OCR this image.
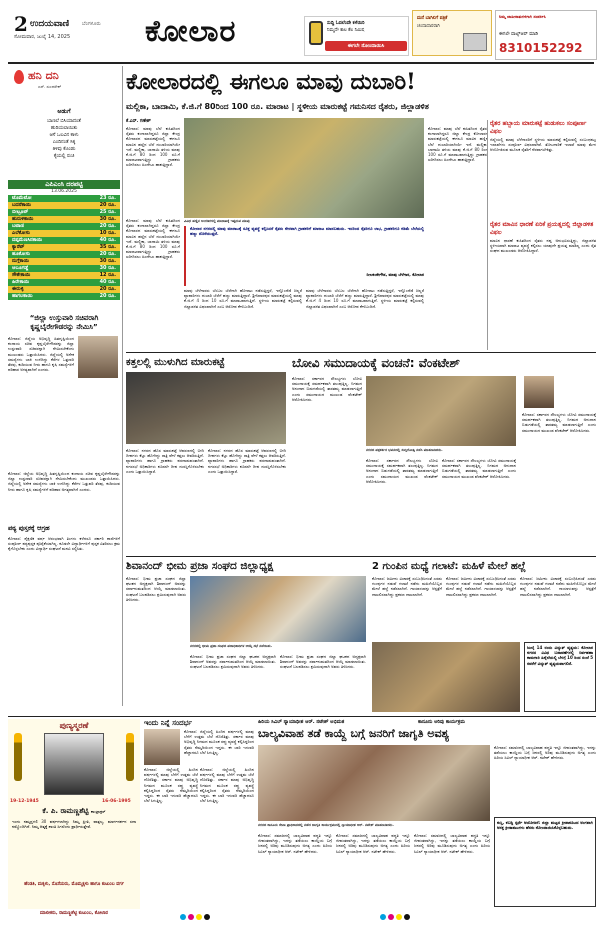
2 ಉದಯವಾಣಿ	ಬೆಂಗಳೂರು
ಸೋಮವಾರ, ಜುಲೈ 14, 2025 ಕೋಲಾರ	ಸುದ್ದಿ ಓದಲೆಂದೇ ಕಳೆಯಿರಿ
ನಿಮ್ಮದೇ ಕಾಲ ಕೆಲ ನಿಮಿಷ
ಈಗಲೇ ನೋಂದಾಯಿಸಿ
ಮನೆ ಬಾಗಿಲಿಗೆ ಪತ್ರಿಕೆ
ಚಂದಾದಾರರಾಗಿ
ನಿಮ್ಮ ಜಾಹೀರಾತುಗಳಿಗಾಗಿ ಸಂಪರ್ಕಿಸಿ
ಈಗಲೇ ವಾಟ್ಸ್‌ಆಪ್ ಮಾಡಿ
8310152292
ಹನಿ ದನಿ
ಎಸ್. ಸುಂದರೇಶ್
ಅಡುಗೆ
ಬಾಣಲೆ ಬಿಸಿಯಾದಂತೆ
ಹುರಿಯಲಾಯಿತು
ಆಸೆ ಒಲವಿನ ಕಾಳು
ಎಂದಿನಂತೆ ಸಿಕ್ಕ
ತಿಳಿವು ಕೊಂಡು
ಕೈಯಲ್ಲಿ ರುಚಿ
ಎಪಿಎಂಸಿ ದರಪಟ್ಟಿ
13.06.2025
ಟೊಮೆಟೋ	23 ರೂ.
ಬದನೆಕಾಯಿ	20 ರೂ.
ಬೀಟ್ರೂಟ್	25 ರೂ.
ಹುರುಳಿಕಾಯಿ	30 ರೂ.
ಬಟಾಣಿ	20 ರೂ.
ಎಲೆಕೋಸು	10 ರೂ.
ದಪ್ಪಮೆಣಸಿನಕಾಯಿ	40 ರೂ.
ಕ್ಯಾರೆಟ್	35 ರೂ.
ಹೂಕೋಸು	20 ರೂ.
ನುಗ್ಗೆಕಾಯಿ	30 ರೂ.
ಆಲೂಗಡ್ಡೆ	30 ರೂ.
ಸೌತೇಕಾಯಿ	12 ರೂ.
ಹಿರೇಕಾಯಿ	40 ರೂ.
ಈರುಳ್ಳಿ	20 ರೂ.
ಹಾಗಲಕಾಯಿ	20 ರೂ.
“ಜಿಲ್ಲಾ ಉಸ್ತುವಾರಿ ಸಚಿವರಾಗಿ ಕೃಷ್ಣಬೈರೇಗೌಡರನ್ನು ನೇಮಿಸಿ”
ಕೋಲಾರ: ಜಿಲ್ಲೆಯ ಅಭಿವೃದ್ಧಿ ಹಿತದೃಷ್ಟಿಯಿಂದ ಕಂದಾಯ ಸಚಿವ ಕೃಷ್ಣಬೈರೇಗೌಡರನ್ನು ಜಿಲ್ಲಾ ಉಸ್ತುವಾರಿ ಸಚಿವರನ್ನಾಗಿ ನೇಮಿಸಬೇಕೆಂದು ಮುಖಂಡರು ಒತ್ತಾಯಿಸಿದರು. ಜಿಲ್ಲೆಯಲ್ಲಿ ಅನೇಕ ಸಮಸ್ಯೆಗಳು ಬಾಕಿ ಉಳಿದಿದ್ದು ಕೆರೆಗಳ ಒತ್ತುವರಿ ತೆರವು, ಕುಡಿಯುವ ನೀರು ಹಾಗೂ ಕೃಷಿ ಸಮಸ್ಯೆಗಳಿಗೆ ಪರಿಹಾರ ಅಗತ್ಯವಾಗಿದೆ ಎಂದರು.
ಕೋಲಾರ: ಜಿಲ್ಲೆಯ ಅಭಿವೃದ್ಧಿ ಹಿತದೃಷ್ಟಿಯಿಂದ ಕಂದಾಯ ಸಚಿವ ಕೃಷ್ಣಬೈರೇಗೌಡರನ್ನು ಜಿಲ್ಲಾ ಉಸ್ತುವಾರಿ ಸಚಿವರನ್ನಾಗಿ ನೇಮಿಸಬೇಕೆಂದು ಮುಖಂಡರು ಒತ್ತಾಯಿಸಿದರು. ಜಿಲ್ಲೆಯಲ್ಲಿ ಅನೇಕ ಸಮಸ್ಯೆಗಳು ಬಾಕಿ ಉಳಿದಿದ್ದು ಕೆರೆಗಳ ಒತ್ತುವರಿ ತೆರವು, ಕುಡಿಯುವ ನೀರು ಹಾಗೂ ಕೃಷಿ ಸಮಸ್ಯೆಗಳಿಗೆ ಪರಿಹಾರ ಅಗತ್ಯವಾಗಿದೆ ಎಂದರು.
ಪಠ್ಯ ಪುಸ್ತಕಕ್ಕೆ ಆಗ್ರಹ
ಕೋಲಾರ: ಶೈಕ್ಷಣಿಕ ವರ್ಷ ಆರಂಭವಾಗಿ ತಿಂಗಳು ಕಳೆದರೂ ಸರ್ಕಾರಿ ಶಾಲೆಗಳಿಗೆ ಸಂಪೂರ್ಣ ಪಠ್ಯಪುಸ್ತಕ ಪೂರೈಕೆಯಾಗಿಲ್ಲ. ಕೂಡಲೇ ವಿದ್ಯಾರ್ಥಿಗಳಿಗೆ ಪುಸ್ತಕ ವಿತರಿಸಲು ಕ್ರಮ ಕೈಗೊಳ್ಳಬೇಕು ಎಂದು ವಿದ್ಯಾರ್ಥಿ ಸಂಘಟನೆ ಮನವಿ ಸಲ್ಲಿಸಿತು.
ಕೋಲಾರದಲ್ಲಿ ಈಗಲೂ ಮಾವು ದುಬಾರಿ!
ಮಲ್ಲಿಕಾ, ಬಾದಾಮಿ, ಕೆ.ಜಿ.ಗೆ 80ರಿಂದ 100 ರೂ. ಮಾರಾಟ | ಸ್ಥಳೀಯ ಮಾರುಕಟ್ಟೆ ಗಮನಿಸದ ರೈತರು, ಜಿಲ್ಲಾಡಳಿತ
ಕೆ.ಎಸ್. ಗಣೇಶ್
ಕೋಲಾರ: ಮಾವು ಬೆಲೆ ಕುಸಿತದಿಂದ ರೈತರು ಕಂಗಾಲಾಗಿದ್ದರೂ ಜಿಲ್ಲಾ ಕೇಂದ್ರ ಕೋಲಾರದ ಮಾರುಕಟ್ಟೆಯಲ್ಲಿ ಈಗಲೂ ಮಾವಿನ ಹಣ್ಣಿನ ಬೆಲೆ ದುಬಾರಿಯಾಗಿಯೇ ಇದೆ. ಮಲ್ಲಿಕಾ, ಬಾದಾಮಿ ತಳಿಯ ಮಾವು ಕೆ.ಜಿ.ಗೆ 80 ರಿಂದ 100 ರೂ.ಗೆ ಮಾರಾಟವಾಗುತ್ತಿದ್ದು ಗ್ರಾಹಕರು ಖರೀದಿಸಲು ಹಿಂದೇಟು ಹಾಕುತ್ತಿದ್ದಾರೆ.
ವಿವಿಧ ಹಣ್ಣಿನ ಅಂಗಡಿಗಳಲ್ಲಿ ಮಾರಾಟಕ್ಕೆ ಇಟ್ಟಿರುವ ಮಾವು
ಕೋಲಾರ ನಗರದಲ್ಲಿ ಮಾವು ಮಾರಾಟಕ್ಕೆ ಸೂಕ್ತ ವ್ಯವಸ್ಥೆ ಕಲ್ಪಿಸಿದರೆ ರೈತರು ನೇರವಾಗಿ ಗ್ರಾಹಕರಿಗೆ ಮಾರಾಟ ಮಾಡಬಹುದು. ಇದರಿಂದ ರೈತರಿಗೂ ಲಾಭ, ಗ್ರಾಹಕರಿಗೂ ಕಡಿಮೆ ಬೆಲೆಯಲ್ಲಿ ಹಣ್ಣು ದೊರೆಯುತ್ತದೆ.
ನೀಲಕಂಠೇಗೌಡ, ಮಾವು ಬೆಳೆಗಾರ, ಕೋಲಾರ
ಕೋಲಾರ: ಮಾವು ಬೆಲೆ ಕುಸಿತದಿಂದ ರೈತರು ಕಂಗಾಲಾಗಿದ್ದರೂ ಜಿಲ್ಲಾ ಕೇಂದ್ರ ಕೋಲಾರದ ಮಾರುಕಟ್ಟೆಯಲ್ಲಿ ಈಗಲೂ ಮಾವಿನ ಹಣ್ಣಿನ ಬೆಲೆ ದುಬಾರಿಯಾಗಿಯೇ ಇದೆ. ಮಲ್ಲಿಕಾ, ಬಾದಾಮಿ ತಳಿಯ ಮಾವು ಕೆ.ಜಿ.ಗೆ 80 ರಿಂದ 100 ರೂ.ಗೆ ಮಾರಾಟವಾಗುತ್ತಿದ್ದು ಗ್ರಾಹಕರು ಖರೀದಿಸಲು ಹಿಂದೇಟು ಹಾಕುತ್ತಿದ್ದಾರೆ.
ಮಾವು ಬೆಳೆಗಾರರು ಬೆಂಬಲ ಬೆಲೆಗಾಗಿ ಹೋರಾಟ ನಡೆಸುತ್ತಿದ್ದರೆ, ಇನ್ನೊಂದೆಡೆ ಚಿಲ್ಲರೆ ವ್ಯಾಪಾರಿಗಳು ದುಬಾರಿ ಬೆಲೆಗೆ ಹಣ್ಣು ಮಾರುತ್ತಿದ್ದಾರೆ. ಶ್ರೀನಿವಾಸಪುರ ಮಾರುಕಟ್ಟೆಯಲ್ಲಿ ಮಾವು ಕೆ.ಜಿ.ಗೆ 4 ರಿಂದ 10 ರೂ.ಗೆ ಮಾರಾಟವಾಗುತ್ತಿದೆ. ಸ್ಥಳೀಯ ಮಾರುಕಟ್ಟೆ ಕಲ್ಪಿಸುವಲ್ಲಿ ಜಿಲ್ಲಾಡಳಿತ ವಿಫಲವಾಗಿದೆ ಎಂಬ ಆರೋಪ ಕೇಳಿಬಂದಿದೆ.
ಮಾವು ಬೆಳೆಗಾರರು ಬೆಂಬಲ ಬೆಲೆಗಾಗಿ ಹೋರಾಟ ನಡೆಸುತ್ತಿದ್ದರೆ, ಇನ್ನೊಂದೆಡೆ ಚಿಲ್ಲರೆ ವ್ಯಾಪಾರಿಗಳು ದುಬಾರಿ ಬೆಲೆಗೆ ಹಣ್ಣು ಮಾರುತ್ತಿದ್ದಾರೆ. ಶ್ರೀನಿವಾಸಪುರ ಮಾರುಕಟ್ಟೆಯಲ್ಲಿ ಮಾವು ಕೆ.ಜಿ.ಗೆ 4 ರಿಂದ 10 ರೂ.ಗೆ ಮಾರಾಟವಾಗುತ್ತಿದೆ. ಸ್ಥಳೀಯ ಮಾರುಕಟ್ಟೆ ಕಲ್ಪಿಸುವಲ್ಲಿ ಜಿಲ್ಲಾಡಳಿತ ವಿಫಲವಾಗಿದೆ ಎಂಬ ಆರೋಪ ಕೇಳಿಬಂದಿದೆ.
ಕೋಲಾರ: ಮಾವು ಬೆಲೆ ಕುಸಿತದಿಂದ ರೈತರು ಕಂಗಾಲಾಗಿದ್ದರೂ ಜಿಲ್ಲಾ ಕೇಂದ್ರ ಕೋಲಾರದ ಮಾರುಕಟ್ಟೆಯಲ್ಲಿ ಈಗಲೂ ಮಾವಿನ ಹಣ್ಣಿನ ಬೆಲೆ ದುಬಾರಿಯಾಗಿಯೇ ಇದೆ. ಮಲ್ಲಿಕಾ, ಬಾದಾಮಿ ತಳಿಯ ಮಾವು ಕೆ.ಜಿ.ಗೆ 80 ರಿಂದ 100 ರೂ.ಗೆ ಮಾರಾಟವಾಗುತ್ತಿದ್ದು ಗ್ರಾಹಕರು ಖರೀದಿಸಲು ಹಿಂದೇಟು ಹಾಕುತ್ತಿದ್ದಾರೆ.
ರೈತರ ಹಬ್ಬಾಯ ಮಾರುಕಟ್ಟೆ ಹುಡುಕಲು ಸಂಪೂರ್ಣ ವಿಫಲ
ಜಿಲ್ಲೆಯಲ್ಲಿ ಮಾವು ಬೆಳೆಗಾರರಿಗೆ ಸ್ಥಳೀಯ ಮಾರುಕಟ್ಟೆ ಕಲ್ಪಿಸುವಲ್ಲಿ ಸಂಬಂಧಪಟ್ಟ ಇಲಾಖೆಗಳು ಸಂಪೂರ್ಣ ವಿಫಲವಾಗಿವೆ. ತೋಟಗಾರಿಕೆ ಇಲಾಖೆ ಮಾವು ಮೇಳ ಆಯೋಜಿಸುವ ಮೂಲಕ ರೈತರಿಗೆ ನೆರವಾಗಬೇಕಿತ್ತು.
ರೈತರ ಮಾವಿನ ಧಾರಣೆ ಏರಿಕೆ ಪ್ರಯತ್ನದಲ್ಲಿ ಜಿಲ್ಲಾಡಳಿತ ವಿಫಲ
ಮಾವಿನ ಧಾರಣೆ ಕುಸಿತದಿಂದ ರೈತರು ನಷ್ಟ ಅನುಭವಿಸುತ್ತಿದ್ದು, ಜಿಲ್ಲಾಡಳಿತ ಸ್ಥಳೀಯವಾಗಿ ಮಾರಾಟ ವ್ಯವಸ್ಥೆ ಕಲ್ಪಿಸಲು ಯಾವುದೇ ಪ್ರಯತ್ನ ಮಾಡಿಲ್ಲ ಎಂದು ರೈತ ಸಂಘದ ಮುಖಂಡರು ಆರೋಪಿಸಿದ್ದಾರೆ.
ಕತ್ತಲಲ್ಲಿ ಮುಳುಗಿದ ಮಾರುಕಟ್ಟೆ
ಕೋಲಾರ: ನಗರದ ಹೊಸ ಮಾರುಕಟ್ಟೆ ಆವರಣದಲ್ಲಿ ಬೀದಿ ದೀಪಗಳು ಕೆಟ್ಟು ಹೋಗಿದ್ದು ರಾತ್ರಿ ವೇಳೆ ಕತ್ತಲು ಆವರಿಸುತ್ತಿದೆ. ವ್ಯಾಪಾರಿಗಳು ಹಾಗೂ ಗ್ರಾಹಕರು ಪರದಾಡುವಂತಾಗಿದೆ. ನಗರಸಭೆ ಅಧಿಕಾರಿಗಳು ಕೂಡಲೇ ದೀಪ ದುರಸ್ತಿಗೊಳಿಸಬೇಕು ಎಂದು ಒತ್ತಾಯಿಸಿದ್ದಾರೆ.
ಕೋಲಾರ: ನಗರದ ಹೊಸ ಮಾರುಕಟ್ಟೆ ಆವರಣದಲ್ಲಿ ಬೀದಿ ದೀಪಗಳು ಕೆಟ್ಟು ಹೋಗಿದ್ದು ರಾತ್ರಿ ವೇಳೆ ಕತ್ತಲು ಆವರಿಸುತ್ತಿದೆ. ವ್ಯಾಪಾರಿಗಳು ಹಾಗೂ ಗ್ರಾಹಕರು ಪರದಾಡುವಂತಾಗಿದೆ. ನಗರಸಭೆ ಅಧಿಕಾರಿಗಳು ಕೂಡಲೇ ದೀಪ ದುರಸ್ತಿಗೊಳಿಸಬೇಕು ಎಂದು ಒತ್ತಾಯಿಸಿದ್ದಾರೆ.
ಬೋವಿ ಸಮುದಾಯಕ್ಕೆ ವಂಚನೆ: ವೆಂಕಟೇಶ್
ಕೋಲಾರ: ಸರ್ಕಾರದ ಸೌಲಭ್ಯಗಳು ಬೋವಿ ಸಮುದಾಯಕ್ಕೆ ಸಮರ್ಪಕವಾಗಿ ತಲುಪುತ್ತಿಲ್ಲ. ನಿಗಮದ ಅನುದಾನ ಬಿಡುಗಡೆಯಲ್ಲಿ ತಾರತಮ್ಯ ಮಾಡಲಾಗುತ್ತಿದೆ ಎಂದು ಸಮುದಾಯದ ಮುಖಂಡ ವೆಂಕಟೇಶ್ ಆರೋಪಿಸಿದರು.
ನಗರದ ಪತ್ರಕರ್ತರ ಭವನದಲ್ಲಿ ಸುದ್ದಿಗೋಷ್ಠಿ ನಡೆಸಿ ಮಾತನಾಡಿದರು.
ಕೋಲಾರ: ಸರ್ಕಾರದ ಸೌಲಭ್ಯಗಳು ಬೋವಿ ಸಮುದಾಯಕ್ಕೆ ಸಮರ್ಪಕವಾಗಿ ತಲುಪುತ್ತಿಲ್ಲ. ನಿಗಮದ ಅನುದಾನ ಬಿಡುಗಡೆಯಲ್ಲಿ ತಾರತಮ್ಯ ಮಾಡಲಾಗುತ್ತಿದೆ ಎಂದು ಸಮುದಾಯದ ಮುಖಂಡ ವೆಂಕಟೇಶ್ ಆರೋಪಿಸಿದರು.
ಕೋಲಾರ: ಸರ್ಕಾರದ ಸೌಲಭ್ಯಗಳು ಬೋವಿ ಸಮುದಾಯಕ್ಕೆ ಸಮರ್ಪಕವಾಗಿ ತಲುಪುತ್ತಿಲ್ಲ. ನಿಗಮದ ಅನುದಾನ ಬಿಡುಗಡೆಯಲ್ಲಿ ತಾರತಮ್ಯ ಮಾಡಲಾಗುತ್ತಿದೆ ಎಂದು ಸಮುದಾಯದ ಮುಖಂಡ ವೆಂಕಟೇಶ್ ಆರೋಪಿಸಿದರು.
ಕೋಲಾರ: ಸರ್ಕಾರದ ಸೌಲಭ್ಯಗಳು ಬೋವಿ ಸಮುದಾಯಕ್ಕೆ ಸಮರ್ಪಕವಾಗಿ ತಲುಪುತ್ತಿಲ್ಲ. ನಿಗಮದ ಅನುದಾನ ಬಿಡುಗಡೆಯಲ್ಲಿ ತಾರತಮ್ಯ ಮಾಡಲಾಗುತ್ತಿದೆ ಎಂದು ಸಮುದಾಯದ ಮುಖಂಡ ವೆಂಕಟೇಶ್ ಆರೋಪಿಸಿದರು.
ಶಿವಾನಂದ್ ಭೀಮ ಪ್ರಜಾ ಸಂಘದ ಜಿಲ್ಲಾಧ್ಯಕ್ಷ
ಕೋಲಾರ: ಭೀಮ ಪ್ರಜಾ ಸಂಘದ ಜಿಲ್ಲಾ ಘಟಕದ ಅಧ್ಯಕ್ಷರಾಗಿ ಶಿವಾನಂದ್ ಅವರನ್ನು ಸರ್ವಾನುಮತದಿಂದ ಆಯ್ಕೆ ಮಾಡಲಾಯಿತು. ಸಂಘಟನೆ ಬಲಪಡಿಸಲು ಶ್ರಮಿಸುವುದಾಗಿ ಅವರು ತಿಳಿಸಿದರು.
ನಗರದಲ್ಲಿ ಭೀಮ ಪ್ರಜಾ ಸಂಘದ ಪದಾಧಿಕಾರಿಗಳ ಆಯ್ಕೆ ಸಭೆ ನಡೆಯಿತು.
ಕೋಲಾರ: ಭೀಮ ಪ್ರಜಾ ಸಂಘದ ಜಿಲ್ಲಾ ಘಟಕದ ಅಧ್ಯಕ್ಷರಾಗಿ ಶಿವಾನಂದ್ ಅವರನ್ನು ಸರ್ವಾನುಮತದಿಂದ ಆಯ್ಕೆ ಮಾಡಲಾಯಿತು. ಸಂಘಟನೆ ಬಲಪಡಿಸಲು ಶ್ರಮಿಸುವುದಾಗಿ ಅವರು ತಿಳಿಸಿದರು.
ಕೋಲಾರ: ಭೀಮ ಪ್ರಜಾ ಸಂಘದ ಜಿಲ್ಲಾ ಘಟಕದ ಅಧ್ಯಕ್ಷರಾಗಿ ಶಿವಾನಂದ್ ಅವರನ್ನು ಸರ್ವಾನುಮತದಿಂದ ಆಯ್ಕೆ ಮಾಡಲಾಯಿತು. ಸಂಘಟನೆ ಬಲಪಡಿಸಲು ಶ್ರಮಿಸುವುದಾಗಿ ಅವರು ತಿಳಿಸಿದರು.
2 ಗುಂಪಿನ ಮಧ್ಯೆ ಗಲಾಟೆ: ಮಹಿಳೆ ಮೇಲೆ ಹಲ್ಲೆ
ಕೋಲಾರ: ಜಮೀನು ವಿಚಾರಕ್ಕೆ ಸಂಬಂಧಿಸಿದಂತೆ ಎರಡು ಗುಂಪುಗಳ ನಡುವೆ ಗಲಾಟೆ ನಡೆದು ಮಹಿಳೆಯೊಬ್ಬರ ಮೇಲೆ ಹಲ್ಲೆ ನಡೆಸಲಾಗಿದೆ. ಗಾಯಾಳುವನ್ನು ಆಸ್ಪತ್ರೆಗೆ ದಾಖಲಿಸಲಾಗಿದ್ದು ಪ್ರಕರಣ ದಾಖಲಾಗಿದೆ.
ಕೋಲಾರ: ಜಮೀನು ವಿಚಾರಕ್ಕೆ ಸಂಬಂಧಿಸಿದಂತೆ ಎರಡು ಗುಂಪುಗಳ ನಡುವೆ ಗಲಾಟೆ ನಡೆದು ಮಹಿಳೆಯೊಬ್ಬರ ಮೇಲೆ ಹಲ್ಲೆ ನಡೆಸಲಾಗಿದೆ. ಗಾಯಾಳುವನ್ನು ಆಸ್ಪತ್ರೆಗೆ ದಾಖಲಿಸಲಾಗಿದ್ದು ಪ್ರಕರಣ ದಾಖಲಾಗಿದೆ.
ಕೋಲಾರ: ಜಮೀನು ವಿಚಾರಕ್ಕೆ ಸಂಬಂಧಿಸಿದಂತೆ ಎರಡು ಗುಂಪುಗಳ ನಡುವೆ ಗಲಾಟೆ ನಡೆದು ಮಹಿಳೆಯೊಬ್ಬರ ಮೇಲೆ ಹಲ್ಲೆ ನಡೆಸಲಾಗಿದೆ. ಗಾಯಾಳುವನ್ನು ಆಸ್ಪತ್ರೆಗೆ ದಾಖಲಿಸಲಾಗಿದ್ದು ಪ್ರಕರಣ ದಾಖಲಾಗಿದೆ.
ಜುಲೈ 14 ರಂದು ವಿದ್ಯುತ್ ವ್ಯತ್ಯಯ: ಕೋಲಾರ ನಗರದ ವಿವಿಧ ಬಡಾವಣೆಗಳಲ್ಲಿ ನಿರ್ವಹಣಾ ಕಾಮಗಾರಿ ಹಿನ್ನೆಲೆಯಲ್ಲಿ ಬೆಳಗ್ಗೆ 10 ರಿಂದ ಸಂಜೆ 5 ರವರೆಗೆ ವಿದ್ಯುತ್ ವ್ಯತ್ಯಯವಾಗಲಿದೆ.
ಪುಣ್ಯಸ್ಮರಣೆ
19-12-1945	16-06-1995
ಕೆ. ಪಿ. ರಾಮಣ್ಣಶೆಟ್ಟಿ ಕಾಂಟ್ರಾಕ್ಟರ್
ಇಂದು ನಮ್ಮನ್ನಗಲಿ 30 ವರ್ಷಗಳಾಗಿದ್ದು ನಿಮ್ಮ ಪ್ರೀತಿ, ವಾತ್ಸಲ್ಯ, ಮಾರ್ಗದರ್ಶನ ಸದಾ ನಮ್ಮೊಂದಿಗಿದೆ. ನಿಮ್ಮ ಆತ್ಮಕ್ಕೆ ಶಾಂತಿ ಸಿಗಲೆಂದು ಪ್ರಾರ್ಥಿಸುತ್ತೇವೆ.
ಹೆಂಡತಿ, ಮಕ್ಕಳು, ಸೊಸೆಯರು, ಮೊಮ್ಮಕ್ಕಳು ಹಾಗೂ ಕುಟುಂಬ ವರ್ಗ
ಇಂದು ನಿನ್ನೆ ಸಂದರ್ಭ
ಕೋಲಾರ: ಜಿಲ್ಲೆಯಲ್ಲಿ ಹಿಂದಿನ ವರ್ಷಗಳಲ್ಲಿ ಮಾವು ಬೆಳೆಗೆ ಉತ್ತಮ ಬೆಲೆ ದೊರೆತಿತ್ತು. ಸರ್ಕಾರ ಮಾವು ಅಭಿವೃದ್ಧಿ ನಿಗಮದ ಮೂಲಕ ರಫ್ತು ವ್ಯವಸ್ಥೆ ಕಲ್ಪಿಸಿದ್ದರಿಂದ ರೈತರು ನೆಮ್ಮದಿಯಿಂದ ಇದ್ದರು. ಈ ಬಾರಿ ಇಳುವರಿ ಹೆಚ್ಚಾದರೂ ಬೆಲೆ ಸಿಗುತ್ತಿಲ್ಲ.
ಕೋಲಾರ: ಜಿಲ್ಲೆಯಲ್ಲಿ ಹಿಂದಿನ ವರ್ಷಗಳಲ್ಲಿ ಮಾವು ಬೆಳೆಗೆ ಉತ್ತಮ ಬೆಲೆ ದೊರೆತಿತ್ತು. ಸರ್ಕಾರ ಮಾವು ಅಭಿವೃದ್ಧಿ ನಿಗಮದ ಮೂಲಕ ರಫ್ತು ವ್ಯವಸ್ಥೆ ಕಲ್ಪಿಸಿದ್ದರಿಂದ ರೈತರು ನೆಮ್ಮದಿಯಿಂದ ಇದ್ದರು. ಈ ಬಾರಿ ಇಳುವರಿ ಹೆಚ್ಚಾದರೂ ಬೆಲೆ ಸಿಗುತ್ತಿಲ್ಲ.
ಕೋಲಾರ: ಜಿಲ್ಲೆಯಲ್ಲಿ ಹಿಂದಿನ ವರ್ಷಗಳಲ್ಲಿ ಮಾವು ಬೆಳೆಗೆ ಉತ್ತಮ ಬೆಲೆ ದೊರೆತಿತ್ತು. ಸರ್ಕಾರ ಮಾವು ಅಭಿವೃದ್ಧಿ ನಿಗಮದ ಮೂಲಕ ರಫ್ತು ವ್ಯವಸ್ಥೆ ಕಲ್ಪಿಸಿದ್ದರಿಂದ ರೈತರು ನೆಮ್ಮದಿಯಿಂದ ಇದ್ದರು. ಈ ಬಾರಿ ಇಳುವರಿ ಹೆಚ್ಚಾದರೂ ಬೆಲೆ ಸಿಗುತ್ತಿಲ್ಲ.
ಹಿರಿಯ ಸಿವಿಲ್ ನ್ಯಾಯಾಧೀಶ ಆರ್. ನಟೇಶ್ ಅಭಿಮತ	ಕಾನೂನು ಅರಿವು ಕಾರ್ಯಕ್ರಮ
ಬಾಲ್ಯವಿವಾಹ ತಡೆ ಕಾಯ್ದೆ ಬಗ್ಗೆ ಜನರಿಗೆ ಜಾಗೃತಿ ಅವಶ್ಯ
ನಗರದ ಕಾನೂನು ಸೇವಾ ಪ್ರಾಧಿಕಾರದಲ್ಲಿ ನಡೆದ ಜಾಗೃತಿ ಕಾರ್ಯಕ್ರಮದಲ್ಲಿ ನ್ಯಾಯಾಧೀಶ ಆರ್. ನಟೇಶ್ ಮಾತನಾಡಿದರು.
ಕೋಲಾರ: ಸಮಾಜದಲ್ಲಿ ಬಾಲ್ಯವಿವಾಹ ಪದ್ಧತಿ ಇನ್ನೂ ಜೀವಂತವಾಗಿದ್ದು, ಇದನ್ನು ತಡೆಯಲು ಕಾಯ್ದೆಯ ಬಗ್ಗೆ ಜನರಲ್ಲಿ ಅರಿವು ಮೂಡಿಸುವುದು ಅಗತ್ಯ ಎಂದು ಹಿರಿಯ ಸಿವಿಲ್ ನ್ಯಾಯಾಧೀಶ ಆರ್. ನಟೇಶ್ ಹೇಳಿದರು.
ಕೋಲಾರ: ಸಮಾಜದಲ್ಲಿ ಬಾಲ್ಯವಿವಾಹ ಪದ್ಧತಿ ಇನ್ನೂ ಜೀವಂತವಾಗಿದ್ದು, ಇದನ್ನು ತಡೆಯಲು ಕಾಯ್ದೆಯ ಬಗ್ಗೆ ಜನರಲ್ಲಿ ಅರಿವು ಮೂಡಿಸುವುದು ಅಗತ್ಯ ಎಂದು ಹಿರಿಯ ಸಿವಿಲ್ ನ್ಯಾಯಾಧೀಶ ಆರ್. ನಟೇಶ್ ಹೇಳಿದರು.
ಕೋಲಾರ: ಸಮಾಜದಲ್ಲಿ ಬಾಲ್ಯವಿವಾಹ ಪದ್ಧತಿ ಇನ್ನೂ ಜೀವಂತವಾಗಿದ್ದು, ಇದನ್ನು ತಡೆಯಲು ಕಾಯ್ದೆಯ ಬಗ್ಗೆ ಜನರಲ್ಲಿ ಅರಿವು ಮೂಡಿಸುವುದು ಅಗತ್ಯ ಎಂದು ಹಿರಿಯ ಸಿವಿಲ್ ನ್ಯಾಯಾಧೀಶ ಆರ್. ನಟೇಶ್ ಹೇಳಿದರು.
ಕೋಲಾರ: ಸಮಾಜದಲ್ಲಿ ಬಾಲ್ಯವಿವಾಹ ಪದ್ಧತಿ ಇನ್ನೂ ಜೀವಂತವಾಗಿದ್ದು, ಇದನ್ನು ತಡೆಯಲು ಕಾಯ್ದೆಯ ಬಗ್ಗೆ ಜನರಲ್ಲಿ ಅರಿವು ಮೂಡಿಸುವುದು ಅಗತ್ಯ ಎಂದು ಹಿರಿಯ ಸಿವಿಲ್ ನ್ಯಾಯಾಧೀಶ ಆರ್. ನಟೇಶ್ ಹೇಳಿದರು.
ಕುಸ್ತಿ, ಕಬಡ್ಡಿ ಸ್ಪರ್ಧೆ ಆಯೋಜನೆ: ಜಿಲ್ಲಾ ಮಟ್ಟದ ಕ್ರೀಡಾಕೂಟದ ಅಂಗವಾಗಿ ಆಸಕ್ತ ಕ್ರೀಡಾಪಟುಗಳು ಹೆಸರು ನೋಂದಾಯಿಸಿಕೊಳ್ಳಬಹುದು.
ಮಾಲೀಕರು, ರಾಮಣ್ಣಶೆಟ್ಟಿ ಕುಟುಂಬ, ಕೋಲಾರ
